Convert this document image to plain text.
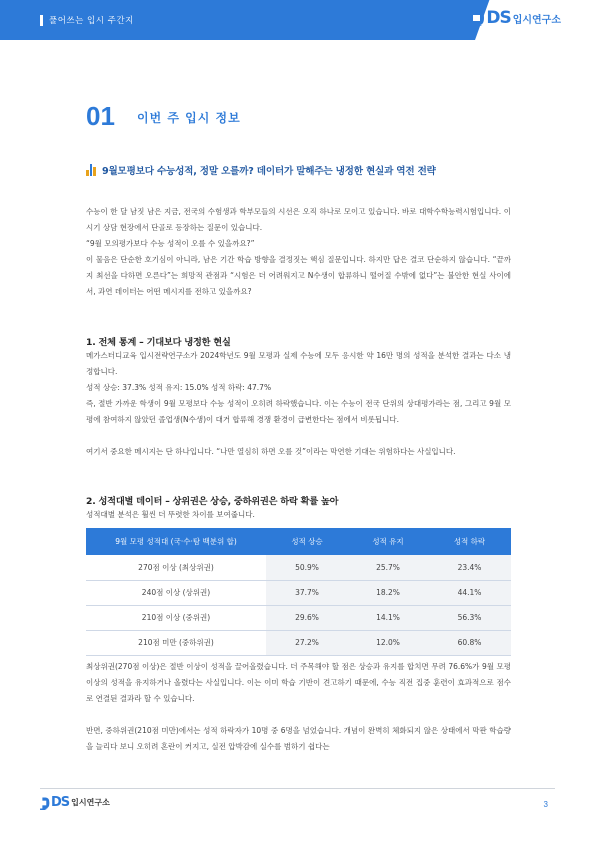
풀어쓰는 입시 주간지	DS 입시연구소
01 이번 주 입시 정보
9월모평보다 수능성적, 정말 오를까? 데이터가 말해주는 냉정한 현실과 역전 전략
수능이 한 달 남짓 남은 지금, 전국의 수험생과 학부모들의 시선은 오직 하나로 모이고 있습니다. 바로 대학수학능력시험입니다. 이 시기 상담 현장에서 단골로 등장하는 질문이 있습니다.
“9월 모의평가보다 수능 성적이 오를 수 있을까요?”
이 물음은 단순한 호기심이 아니라, 남은 기간 학습 방향을 결정짓는 핵심 질문입니다. 하지만 답은 결코 단순하지 않습니다. “끝까지 최선을 다하면 오른다”는 희망적 관점과 “시험은 더 어려워지고 N수생이 합류하니 떨어질 수밖에 없다”는 불안한 현실 사이에서, 과연 데이터는 어떤 메시지를 전하고 있을까요?
1. 전체 통계 – 기대보다 냉정한 현실
메가스터디교육 입시전략연구소가 2024학년도 9월 모평과 실제 수능에 모두 응시한 약 16만 명의 성적을 분석한 결과는 다소 냉정합니다.
성적 상승: 37.3% 성적 유지: 15.0% 성적 하락: 47.7%
즉, 절반 가까운 학생이 9월 모평보다 수능 성적이 오히려 하락했습니다. 이는 수능이 전국 단위의 상대평가라는 점, 그리고 9월 모평에 참여하지 않았던 졸업생(N수생)이 대거 합류해 경쟁 환경이 급변한다는 점에서 비롯됩니다.
여기서 중요한 메시지는 단 하나입니다. “나만 열심히 하면 오를 것”이라는 막연한 기대는 위험하다는 사실입니다.
2. 성적대별 데이터 – 상위권은 상승, 중하위권은 하락 확률 높아
성적대별 분석은 훨씬 더 뚜렷한 차이를 보여줍니다.
9월 모평 성적대 (국·수·탐 백분위 합)	성적 상승	성적 유지	성적 하락
270점 이상 (최상위권)	50.9%	25.7%	23.4%
240점 이상 (상위권)	37.7%	18.2%	44.1%
210점 이상 (중위권)	29.6%	14.1%	56.3%
210점 미만 (중하위권)	27.2%	12.0%	60.8%
최상위권(270점 이상)은 절반 이상이 성적을 끌어올렸습니다. 더 주목해야 할 점은 상승과 유지를 합치면 무려 76.6%가 9월 모평 이상의 성적을 유지하거나 올렸다는 사실입니다. 이는 이미 학습 기반이 견고하기 때문에, 수능 직전 집중 훈련이 효과적으로 점수로 연결된 결과라 할 수 있습니다.
반면, 중하위권(210점 미만)에서는 성적 하락자가 10명 중 6명을 넘었습니다. 개념이 완벽히 체화되지 않은 상태에서 막판 학습량을 늘리다 보니 오히려 혼란이 커지고, 실전 압박감에 실수를 범하기 쉽다는
DS 입시연구소	3
